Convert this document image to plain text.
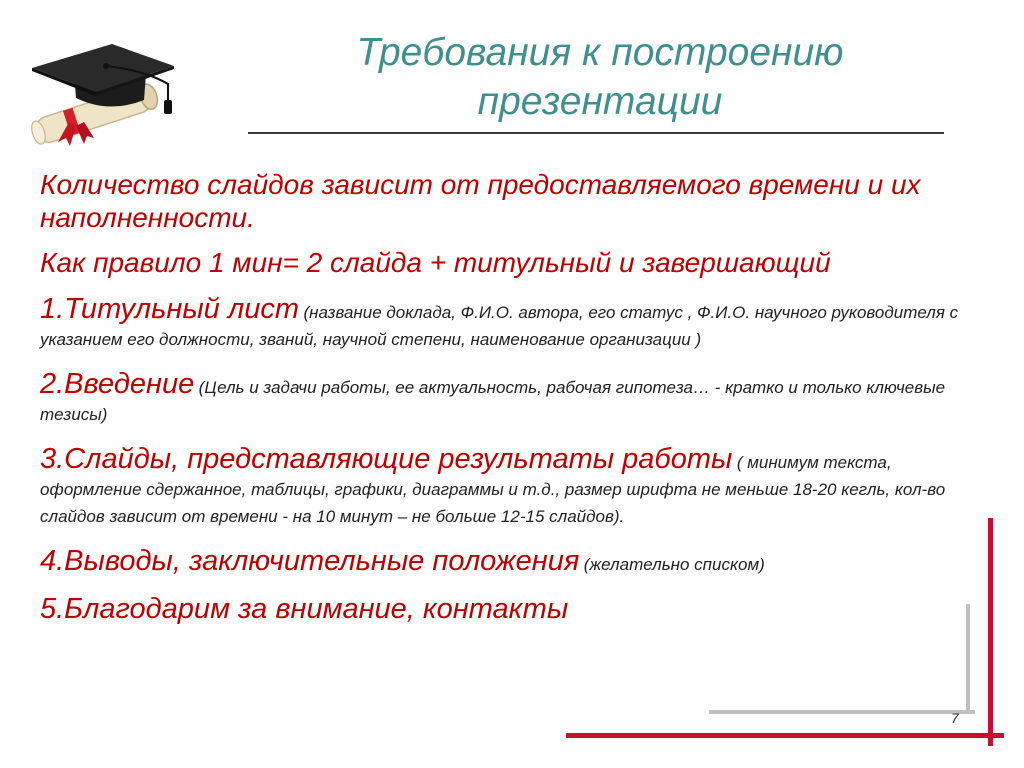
Требования к построению
презентации
Количество слайдов зависит от предоставляемого времени и их наполненности.
Как правило 1 мин= 2 слайда + титульный и завершающий
1.Титульный лист (название доклада, Ф.И.О. автора, его статус , Ф.И.О. научного руководителя с указанием его должности, званий, научной степени, наименование организации )
2.Введение (Цель и задачи работы, ее актуальность, рабочая гипотеза… - кратко и только ключевые тезисы)
3.Слайды, представляющие результаты работы ( минимум текста, оформление сдержанное, таблицы, графики, диаграммы и т.д., размер шрифта не меньше 18-20 кегль, кол-во слайдов зависит от времени - на 10 минут – не больше 12-15 слайдов).
4.Выводы, заключительные положения (желательно списком)
5.Благодарим за внимание, контакты
7
